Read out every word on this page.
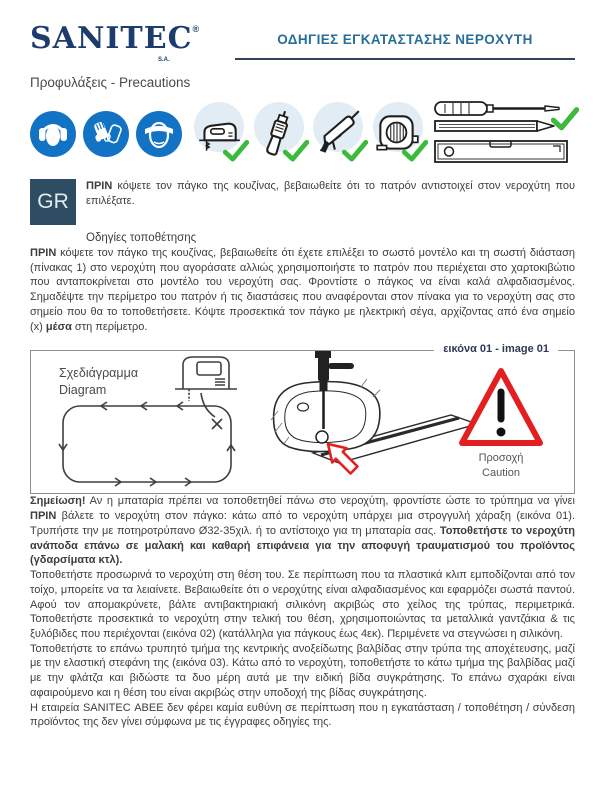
SANITEC®
S.A.
ΟΔΗΓΙΕΣ ΕΓΚΑΤΑΣΤΑΣΗΣ ΝΕΡΟΧΥΤΗ
Προφυλάξεις - Precautions
GR
ΠΡΙΝ κόψετε τον πάγκο της κουζίνας, βεβαιωθείτε ότι το πατρόν αντιστοιχεί στον νεροχύτη που επιλέξατε.
Οδηγίες τοποθέτησης

ΠΡΙΝ κόψετε τον πάγκο της κουζίνας, βεβαιωθείτε ότι έχετε επιλέξει το σωστό μοντέλο και τη σωστή διάσταση (πίνακας 1) στο νεροχύτη που αγοράσατε αλλιώς χρησιμοποιήστε το πατρόν που περιέχεται στο χαρτοκιβώτιο που ανταποκρίνεται στο μοντέλο του νεροχύτη σας. Φροντίστε ο πάγκος να είναι καλά αλφαδιασμένος. Σημαδέψτε την περίμετρο του πατρόν ή τις διαστάσεις που αναφέρονται στον πίνακα για το νεροχύτη σας στο σημείο που θα το τοποθετήσετε. Κόψτε προσεκτικά τον πάγκο με ηλεκτρική σέγα, αρχίζοντας από ένα σημείο (x) μέσα στη περίμετρο.

εικόνα 01 - image 01
Σχεδιάγραμμα
Diagram
Προσοχή
Caution

Σημείωση! Αν η μπαταρία πρέπει να τοποθετηθεί πάνω στο νεροχύτη, φροντίστε ώστε το τρύπημα να γίνει ΠΡΙΝ βάλετε το νεροχύτη στον πάγκο: κάτω από το νεροχύτη υπάρχει μια στρογγυλή χάραξη (εικόνα 01). Τρυπήστε την με ποτηροτρύπανο Ø32-35χιλ. ή το αντίστοιχο για τη μπαταρία σας. Τοποθετήστε το νεροχύτη ανάποδα επάνω σε μαλακή και καθαρή επιφάνεια για την αποφυγή τραυματισμού του προϊόντος (γδαρσίματα κτλ).

Τοποθετήστε προσωρινά το νεροχύτη στη θέση του. Σε περίπτωση που τα πλαστικά κλιπ εμποδίζονται από τον τοίχο, μπορείτε να τα λειαίνετε. Βεβαιωθείτε ότι ο νεροχύτης είναι αλφαδιασμένος και εφαρμόζει σωστά παντού. Αφού τον απομακρύνετε, βάλτε αντιβακτηριακή σιλικόνη ακριβώς στο χείλος της τρύπας, περιμετρικά. Τοποθετήστε προσεκτικά το νεροχύτη στην τελική του θέση, χρησιμοποιώντας τα μεταλλικά γαντζάκια & τις ξυλόβιδες που περιέχονται (εικόνα 02) (κατάλληλα για πάγκους έως 4εκ). Περιμένετε να στεγνώσει η σιλικόνη.

Τοποθετήστε το επάνω τρυπητό τμήμα της κεντρικής ανοξείδωτης βαλβίδας στην τρύπα της αποχέτευσης, μαζί με την ελαστική στεφάνη της (εικόνα 03). Κάτω από το νεροχύτη, τοποθετήστε το κάτω τμήμα της βαλβίδας μαζί με την φλάτζα και βιδώστε τα δυο μέρη αυτά με την ειδική βίδα συγκράτησης. Το επάνω σχαράκι είναι αφαιρούμενο και η θέση του είναι ακριβώς στην υποδοχή της βίδας συγκράτησης.

Η εταιρεία SANITEC ΑΒΕΕ δεν φέρει καμία ευθύνη σε περίπτωση που η εγκατάσταση / τοποθέτηση / σύνδεση προϊόντος της δεν γίνει σύμφωνα με τις έγγραφες οδηγίες της.
